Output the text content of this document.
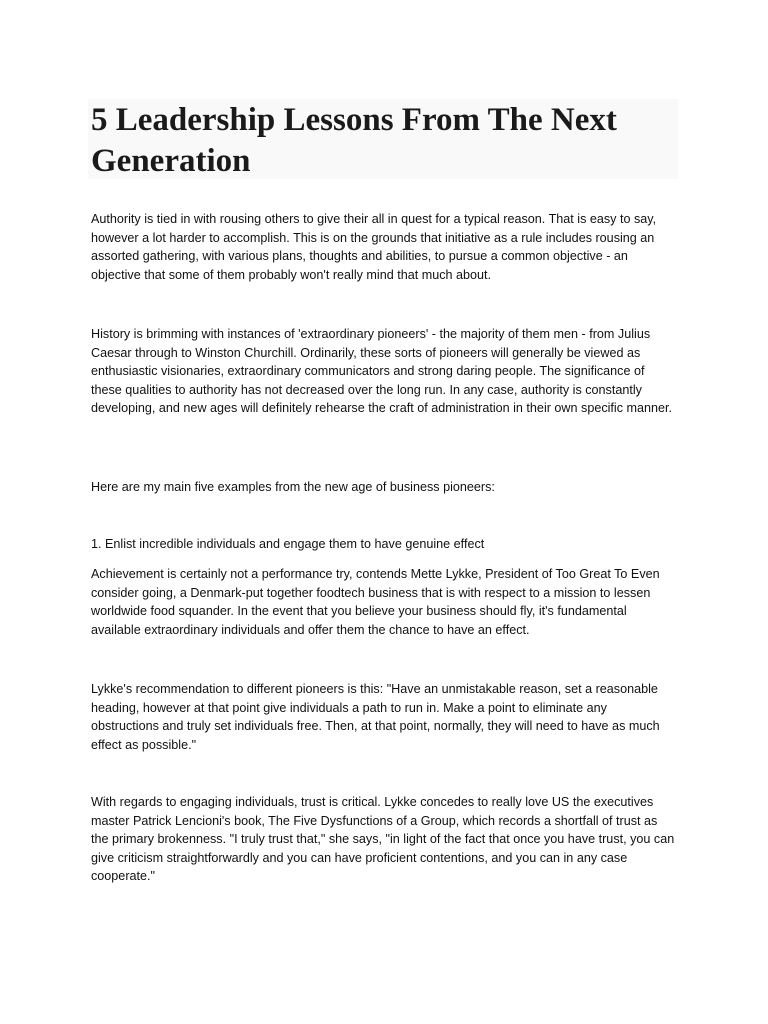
5 Leadership Lessons From The Next Generation

Authority is tied in with rousing others to give their all in quest for a typical reason. That is easy to say, however a lot harder to accomplish. This is on the grounds that initiative as a rule includes rousing an assorted gathering, with various plans, thoughts and abilities, to pursue a common objective - an objective that some of them probably won't really mind that much about.

History is brimming with instances of 'extraordinary pioneers' - the majority of them men - from Julius Caesar through to Winston Churchill. Ordinarily, these sorts of pioneers will generally be viewed as enthusiastic visionaries, extraordinary communicators and strong daring people. The significance of these qualities to authority has not decreased over the long run. In any case, authority is constantly developing, and new ages will definitely rehearse the craft of administration in their own specific manner.

Here are my main five examples from the new age of business pioneers:

1. Enlist incredible individuals and engage them to have genuine effect

Achievement is certainly not a performance try, contends Mette Lykke, President of Too Great To Even consider going, a Denmark-put together foodtech business that is with respect to a mission to lessen worldwide food squander. In the event that you believe your business should fly, it's fundamental available extraordinary individuals and offer them the chance to have an effect.

Lykke's recommendation to different pioneers is this: "Have an unmistakable reason, set a reasonable heading, however at that point give individuals a path to run in. Make a point to eliminate any obstructions and truly set individuals free. Then, at that point, normally, they will need to have as much effect as possible."

With regards to engaging individuals, trust is critical. Lykke concedes to really love US the executives master Patrick Lencioni's book, The Five Dysfunctions of a Group, which records a shortfall of trust as the primary brokenness. "I truly trust that," she says, "in light of the fact that once you have trust, you can give criticism straightforwardly and you can have proficient contentions, and you can in any case cooperate."
